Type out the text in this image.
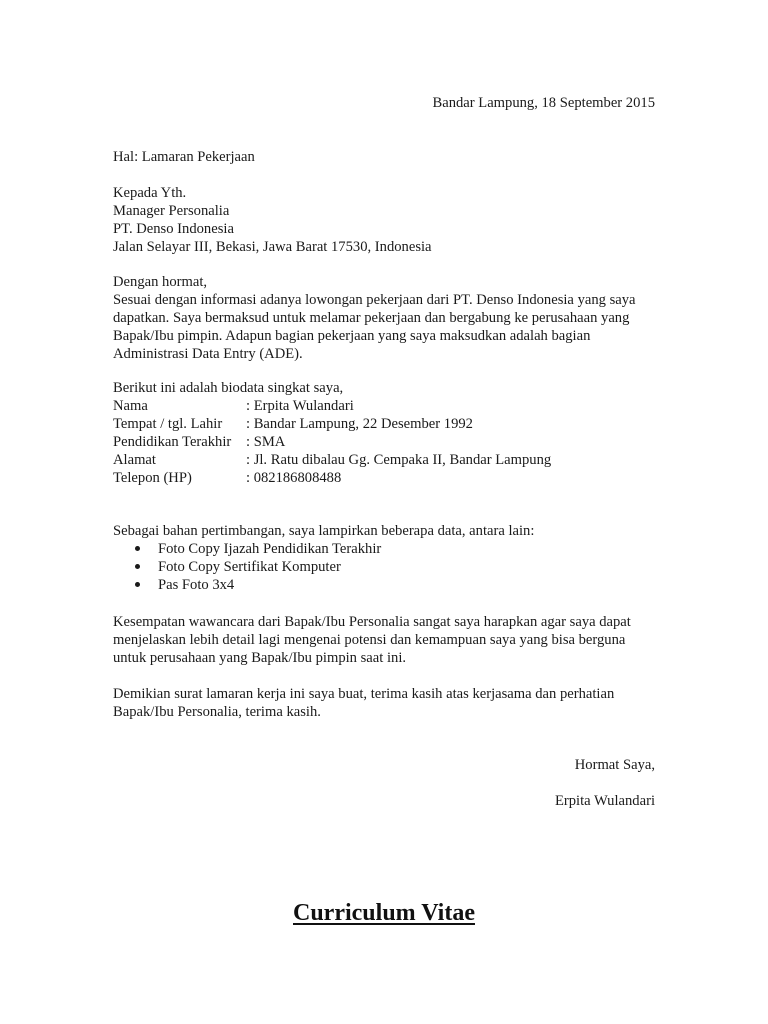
Bandar Lampung, 18 September 2015
Hal: Lamaran Pekerjaan
Kepada Yth.
Manager Personalia
PT. Denso Indonesia
Jalan Selayar III, Bekasi, Jawa Barat 17530, Indonesia
Dengan hormat,
Sesuai dengan informasi adanya lowongan pekerjaan dari PT. Denso Indonesia yang saya
dapatkan. Saya bermaksud untuk melamar pekerjaan dan bergabung ke perusahaan yang
Bapak/Ibu pimpin. Adapun bagian pekerjaan yang saya maksudkan adalah bagian
Administrasi Data Entry (ADE).
Berikut ini adalah biodata singkat saya,
Nama	: Erpita Wulandari
Tempat / tgl. Lahir	: Bandar Lampung, 22 Desember 1992
Pendidikan Terakhir	: SMA
Alamat	: Jl. Ratu dibalau Gg. Cempaka II, Bandar Lampung
Telepon (HP)	: 082186808488
Sebagai bahan pertimbangan, saya lampirkan beberapa data, antara lain:
Foto Copy Ijazah Pendidikan Terakhir
Foto Copy Sertifikat Komputer
Pas Foto 3x4
Kesempatan wawancara dari Bapak/Ibu Personalia sangat saya harapkan agar saya dapat
menjelaskan lebih detail lagi mengenai potensi dan kemampuan saya yang bisa berguna
untuk perusahaan yang Bapak/Ibu pimpin saat ini.
Demikian surat lamaran kerja ini saya buat, terima kasih atas kerjasama dan perhatian
Bapak/Ibu Personalia, terima kasih.
Hormat Saya,
Erpita Wulandari
Curriculum Vitae
